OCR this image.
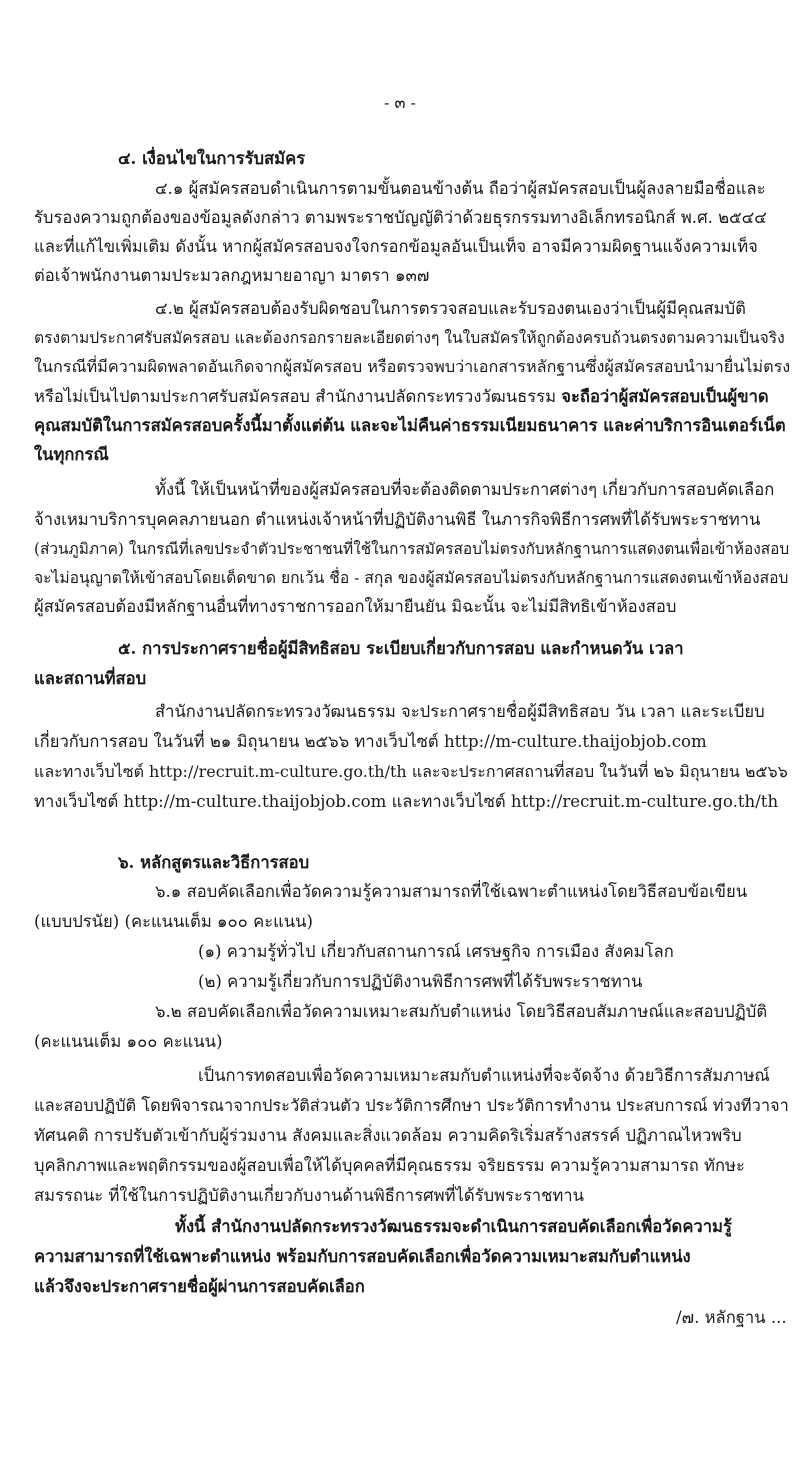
- ๓ -
๔. เงื่อนไขในการรับสมัคร
๔.๑ ผู้สมัครสอบดำเนินการตามขั้นตอนข้างต้น ถือว่าผู้สมัครสอบเป็นผู้ลงลายมือชื่อและ
รับรองความถูกต้องของข้อมูลดังกล่าว ตามพระราชบัญญัติว่าด้วยธุรกรรมทางอิเล็กทรอนิกส์ พ.ศ. ๒๕๔๔
และที่แก้ไขเพิ่มเติม ดังนั้น หากผู้สมัครสอบจงใจกรอกข้อมูลอันเป็นเท็จ อาจมีความผิดฐานแจ้งความเท็จ
ต่อเจ้าพนักงานตามประมวลกฎหมายอาญา มาตรา ๑๓๗
๔.๒ ผู้สมัครสอบต้องรับผิดชอบในการตรวจสอบและรับรองตนเองว่าเป็นผู้มีคุณสมบัติ
ตรงตามประกาศรับสมัครสอบ และต้องกรอกรายละเอียดต่างๆ ในใบสมัครให้ถูกต้องครบถ้วนตรงตามความเป็นจริง
ในกรณีที่มีความผิดพลาดอันเกิดจากผู้สมัครสอบ หรือตรวจพบว่าเอกสารหลักฐานซึ่งผู้สมัครสอบนำมายื่นไม่ตรง
หรือไม่เป็นไปตามประกาศรับสมัครสอบ สำนักงานปลัดกระทรวงวัฒนธรรม จะถือว่าผู้สมัครสอบเป็นผู้ขาด
คุณสมบัติในการสมัครสอบครั้งนี้มาตั้งแต่ต้น และจะไม่คืนค่าธรรมเนียมธนาคาร และค่าบริการอินเตอร์เน็ต
ในทุกกรณี
ทั้งนี้ ให้เป็นหน้าที่ของผู้สมัครสอบที่จะต้องติดตามประกาศต่างๆ เกี่ยวกับการสอบคัดเลือก
จ้างเหมาบริการบุคคลภายนอก ตำแหน่งเจ้าหน้าที่ปฏิบัติงานพิธี ในภารกิจพิธีการศพที่ได้รับพระราชทาน
(ส่วนภูมิภาค) ในกรณีที่เลขประจำตัวประชาชนที่ใช้ในการสมัครสอบไม่ตรงกับหลักฐานการแสดงตนเพื่อเข้าห้องสอบ
จะไม่อนุญาตให้เข้าสอบโดยเด็ดขาด ยกเว้น ชื่อ - สกุล ของผู้สมัครสอบไม่ตรงกับหลักฐานการแสดงตนเข้าห้องสอบ
ผู้สมัครสอบต้องมีหลักฐานอื่นที่ทางราชการออกให้มายืนยัน มิฉะนั้น จะไม่มีสิทธิเข้าห้องสอบ
๕. การประกาศรายชื่อผู้มีสิทธิสอบ ระเบียบเกี่ยวกับการสอบ และกำหนดวัน เวลา
และสถานที่สอบ
สำนักงานปลัดกระทรวงวัฒนธรรม จะประกาศรายชื่อผู้มีสิทธิสอบ วัน เวลา และระเบียบ
เกี่ยวกับการสอบ ในวันที่ ๒๑ มิถุนายน ๒๕๖๖ ทางเว็บไซต์ http://m-culture.thaijobjob.com
และทางเว็บไซต์ http://recruit.m-culture.go.th/th และจะประกาศสถานที่สอบ ในวันที่ ๒๖ มิถุนายน ๒๕๖๖
ทางเว็บไซต์ http://m-culture.thaijobjob.com และทางเว็บไซต์ http://recruit.m-culture.go.th/th
๖. หลักสูตรและวิธีการสอบ
๖.๑ สอบคัดเลือกเพื่อวัดความรู้ความสามารถที่ใช้เฉพาะตำแหน่งโดยวิธีสอบข้อเขียน
(แบบปรนัย) (คะแนนเต็ม ๑๐๐ คะแนน)
(๑) ความรู้ทั่วไป เกี่ยวกับสถานการณ์ เศรษฐกิจ การเมือง สังคมโลก
(๒) ความรู้เกี่ยวกับการปฏิบัติงานพิธีการศพที่ได้รับพระราชทาน
๖.๒ สอบคัดเลือกเพื่อวัดความเหมาะสมกับตำแหน่ง โดยวิธีสอบสัมภาษณ์และสอบปฏิบัติ
(คะแนนเต็ม ๑๐๐ คะแนน)
เป็นการทดสอบเพื่อวัดความเหมาะสมกับตำแหน่งที่จะจัดจ้าง ด้วยวิธีการสัมภาษณ์
และสอบปฏิบัติ โดยพิจารณาจากประวัติส่วนตัว ประวัติการศึกษา ประวัติการทำงาน ประสบการณ์ ท่วงทีวาจา
ทัศนคติ การปรับตัวเข้ากับผู้ร่วมงาน สังคมและสิ่งแวดล้อม ความคิดริเริ่มสร้างสรรค์ ปฏิภาณไหวพริบ
บุคลิกภาพและพฤติกรรมของผู้สอบเพื่อให้ได้บุคคลที่มีคุณธรรม จริยธรรม ความรู้ความสามารถ ทักษะ
สมรรถนะ ที่ใช้ในการปฏิบัติงานเกี่ยวกับงานด้านพิธีการศพที่ได้รับพระราชทาน
ทั้งนี้ สำนักงานปลัดกระทรวงวัฒนธรรมจะดำเนินการสอบคัดเลือกเพื่อวัดความรู้
ความสามารถที่ใช้เฉพาะตำแหน่ง พร้อมกับการสอบคัดเลือกเพื่อวัดความเหมาะสมกับตำแหน่ง
แล้วจึงจะประกาศรายชื่อผู้ผ่านการสอบคัดเลือก
/๗. หลักฐาน ...
